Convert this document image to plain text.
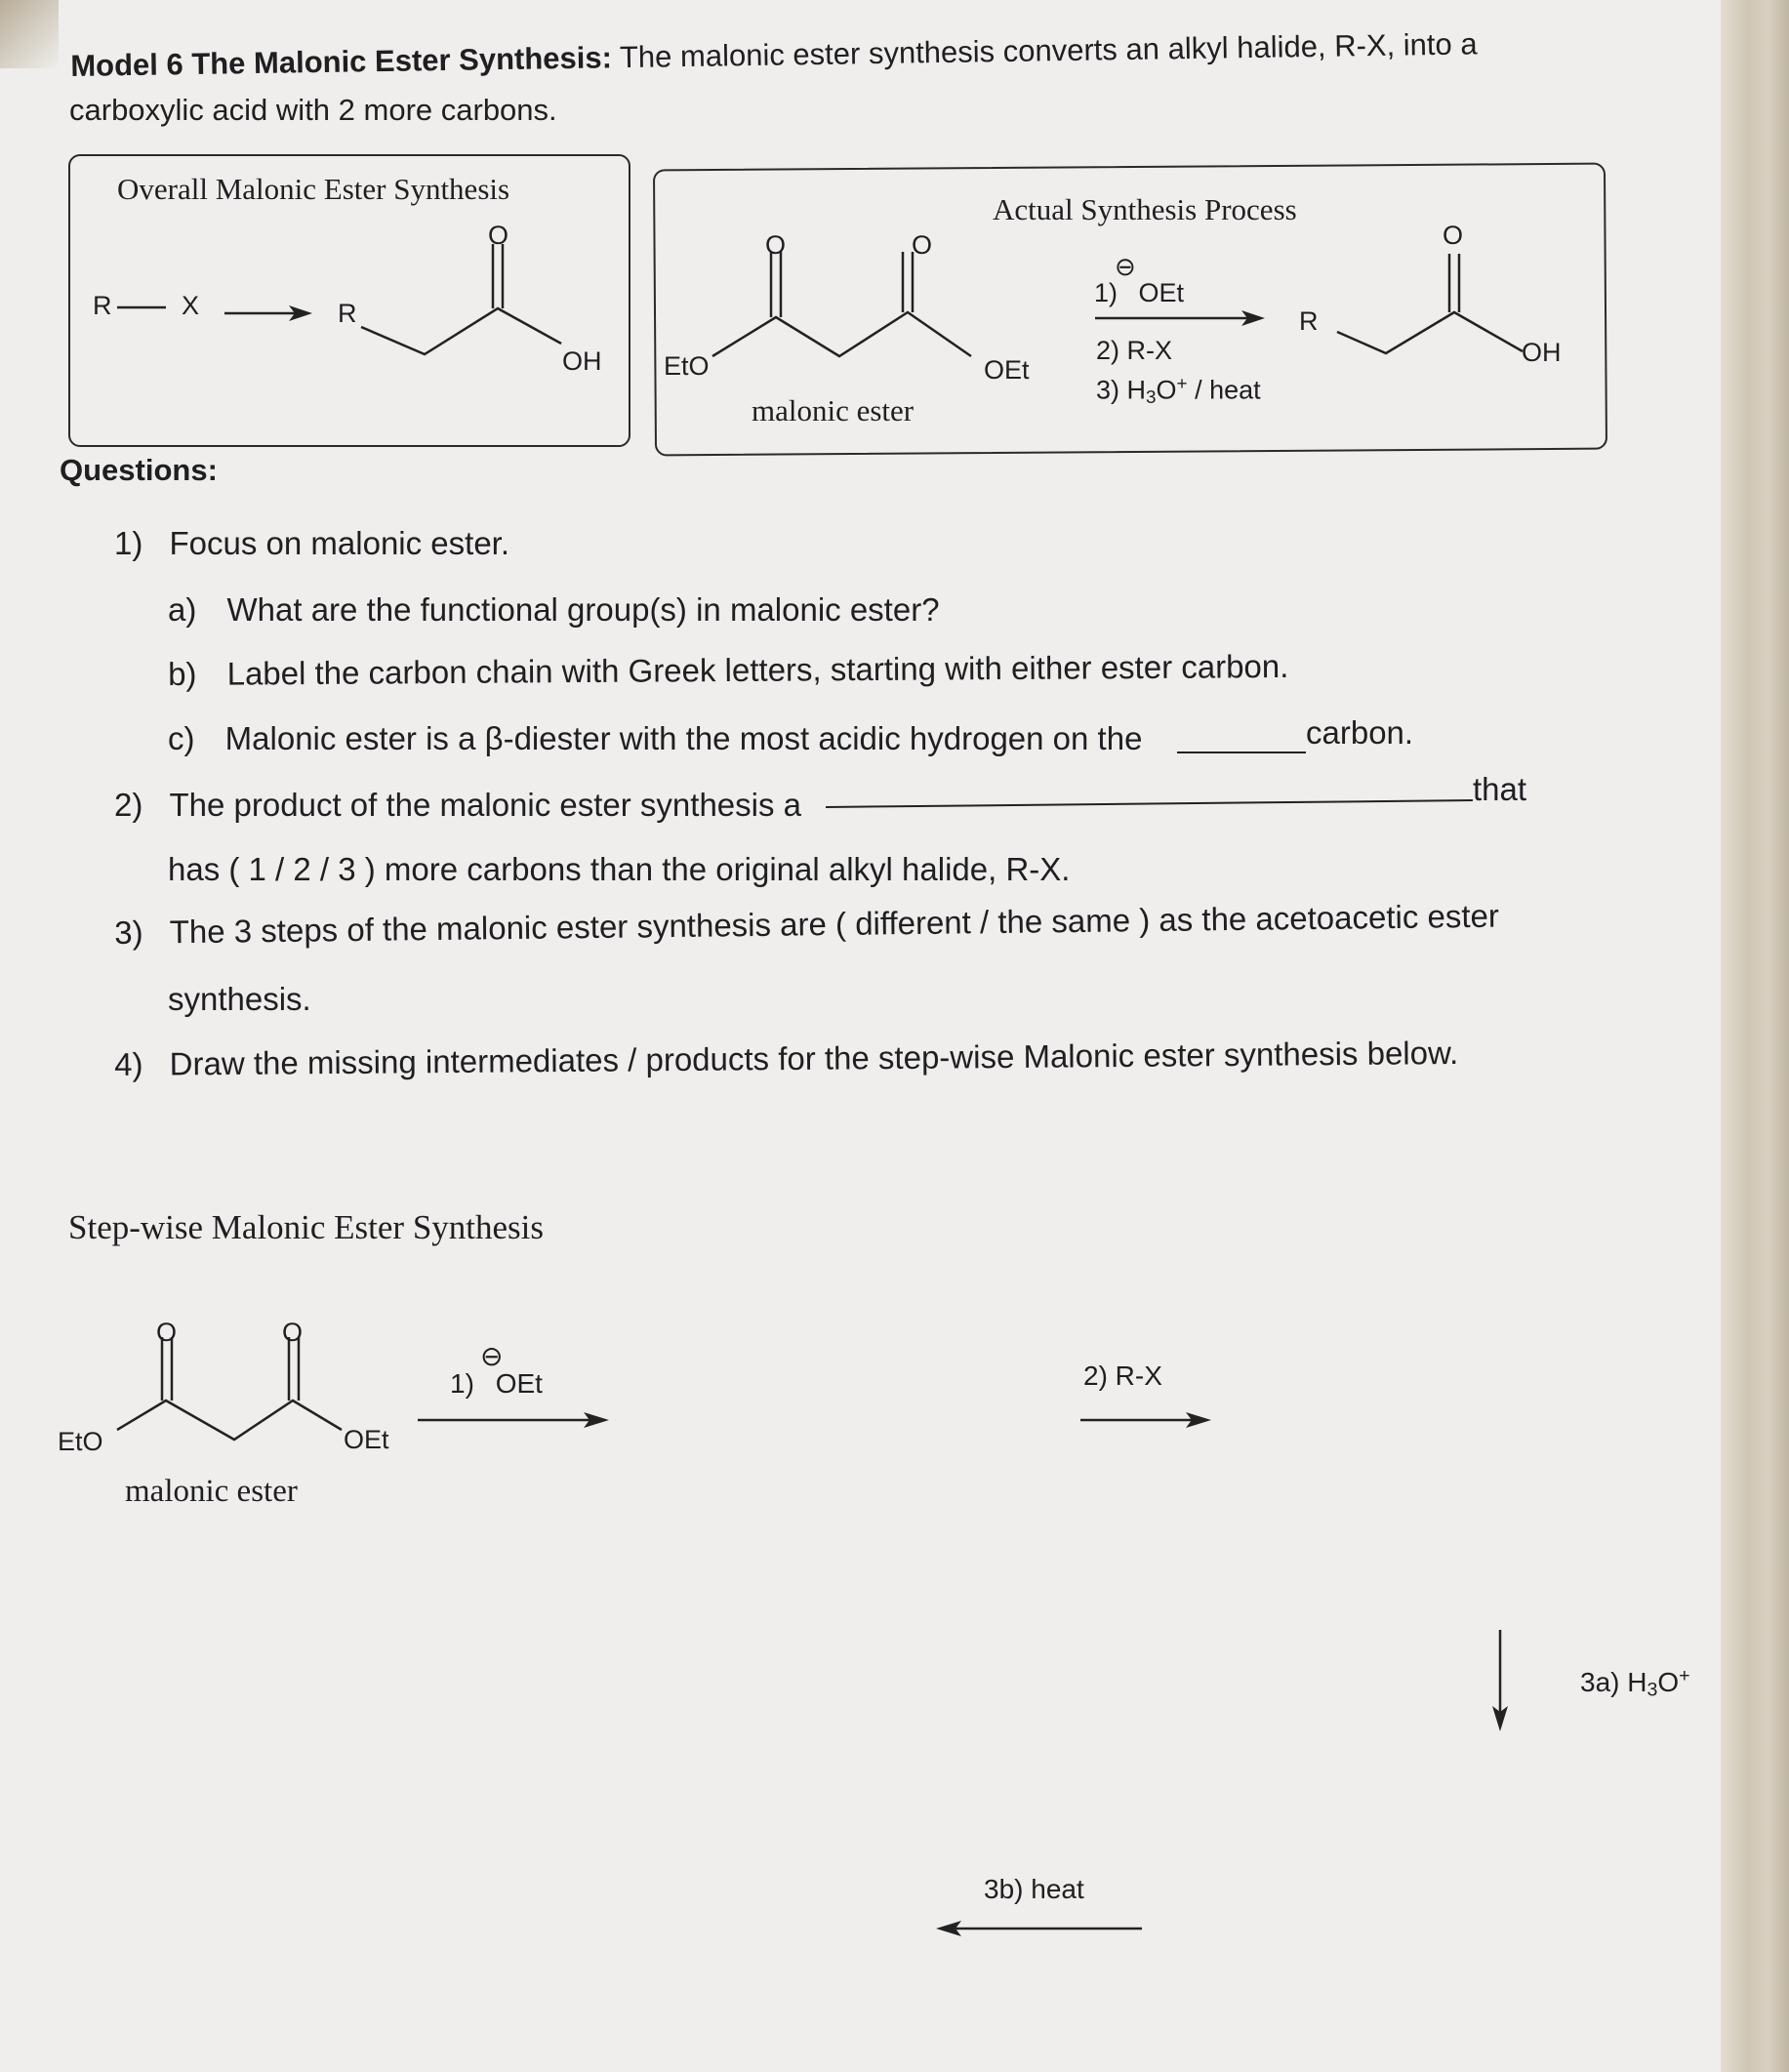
Model 6 The Malonic Ester Synthesis: The malonic ester synthesis converts an alkyl halide, R-X, into a
carboxylic acid with 2 more carbons.
Overall Malonic Ester Synthesis
R	X	R
O
OH
Actual Synthesis Process
O	O
EtO	OEt
malonic ester
⊖
1) OEt
2) R-X
3) $H_3O^+$ / heat
R
O
OH
Questions:
1) Focus on malonic ester.
a) What are the functional group(s) in malonic ester?
b) Label the carbon chain with Greek letters, starting with either ester carbon.
c) Malonic ester is a β-diester with the most acidic hydrogen on the	carbon.
2) The product of the malonic ester synthesis a	that
has ( 1 / 2 / 3 ) more carbons than the original alkyl halide, R-X.
3) The 3 steps of the malonic ester synthesis are ( different / the same ) as the acetoacetic ester
synthesis.
4) Draw the missing intermediates / products for the step-wise Malonic ester synthesis below.
Step-wise Malonic Ester Synthesis
O	O
EtO	OEt
malonic ester
⊖
1) OEt	2) R-X
3a) $H_3O^+$
3b) heat
